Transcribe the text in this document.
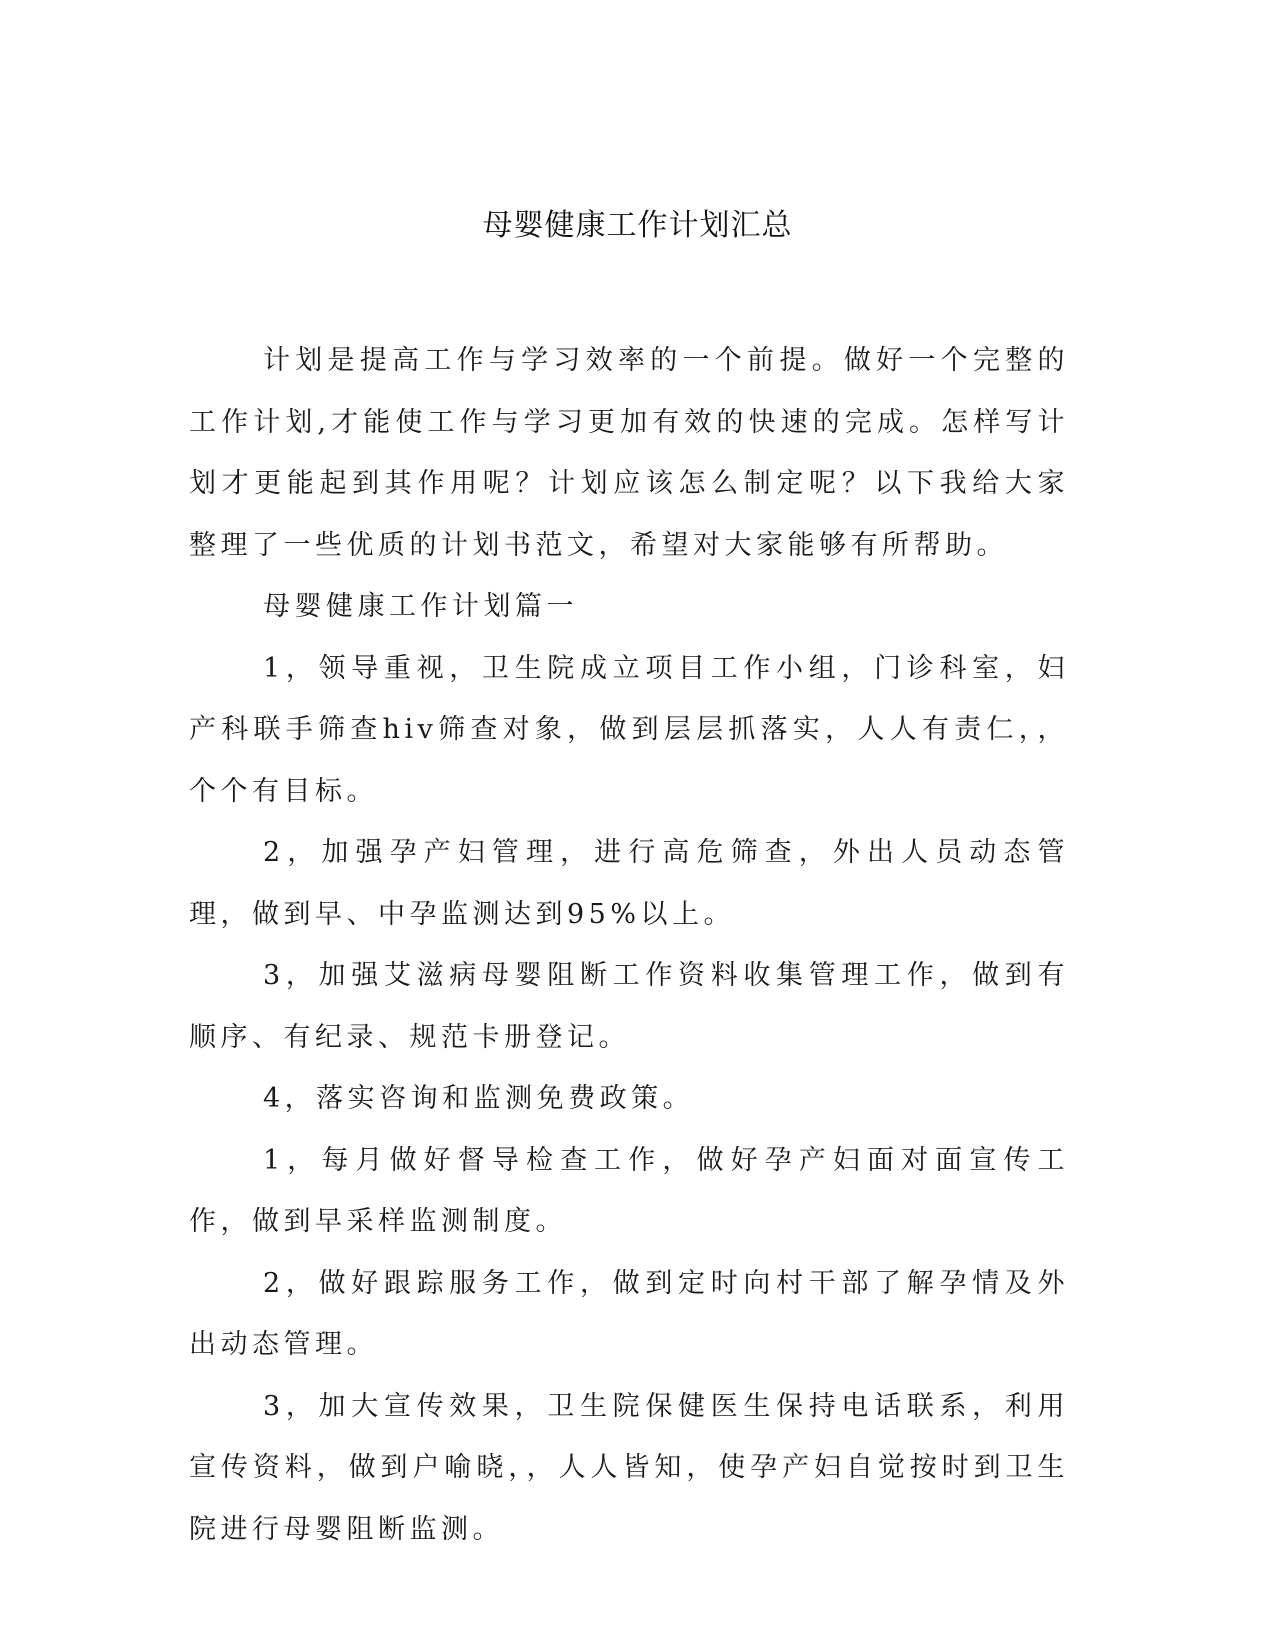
母婴健康工作计划汇总

计划是提高工作与学习效率的一个前提。做好一个完整的工作计划,才能使工作与学习更加有效的快速的完成。怎样写计划才更能起到其作用呢？计划应该怎么制定呢？以下我给大家整理了一些优质的计划书范文，希望对大家能够有所帮助。

母婴健康工作计划篇一

1，领导重视，卫生院成立项目工作小组，门诊科室，妇产科联手筛查hiv筛查对象，做到层层抓落实，人人有责仁，，个个有目标。

2，加强孕产妇管理，进行高危筛查，外出人员动态管理，做到早、中孕监测达到95%以上。

3，加强艾滋病母婴阻断工作资料收集管理工作，做到有顺序、有纪录、规范卡册登记。

4，落实咨询和监测免费政策。

1，每月做好督导检查工作，做好孕产妇面对面宣传工作，做到早采样监测制度。

2，做好跟踪服务工作，做到定时向村干部了解孕情及外出动态管理。

3，加大宣传效果，卫生院保健医生保持电话联系，利用宣传资料，做到户喻晓，，人人皆知，使孕产妇自觉按时到卫生院进行母婴阻断监测。
